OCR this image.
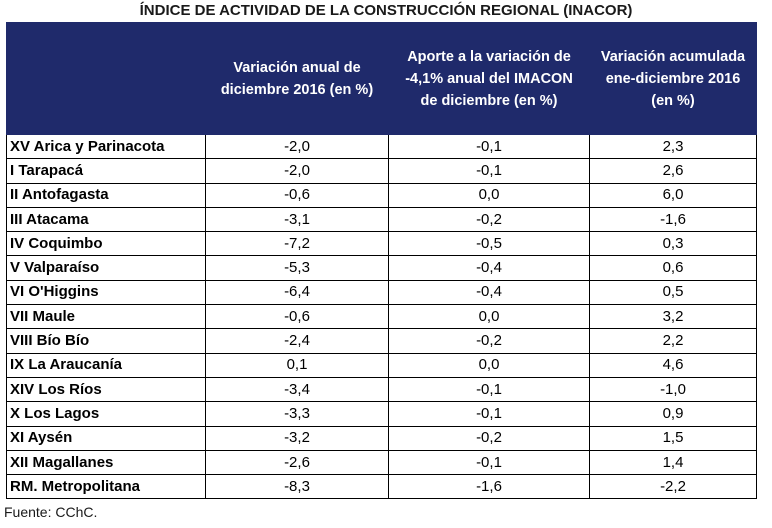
ÍNDICE DE ACTIVIDAD DE LA CONSTRUCCIÓN REGIONAL (INACOR)
	Variación anual de diciembre 2016 (en %)	Aporte a la variación de -4,1% anual del IMACON de diciembre (en %)	Variación acumulada ene-diciembre 2016 (en %)
XV Arica y Parinacota	-2,0	-0,1	2,3
I Tarapacá	-2,0	-0,1	2,6
II Antofagasta	-0,6	0,0	6,0
III Atacama	-3,1	-0,2	-1,6
IV Coquimbo	-7,2	-0,5	0,3
V Valparaíso	-5,3	-0,4	0,6
VI O'Higgins	-6,4	-0,4	0,5
VII Maule	-0,6	0,0	3,2
VIII Bío Bío	-2,4	-0,2	2,2
IX La Araucanía	0,1	0,0	4,6
XIV Los Ríos	-3,4	-0,1	-1,0
X Los Lagos	-3,3	-0,1	0,9
XI Aysén	-3,2	-0,2	1,5
XII Magallanes	-2,6	-0,1	1,4
RM. Metropolitana	-8,3	-1,6	-2,2
Fuente: CChC.
